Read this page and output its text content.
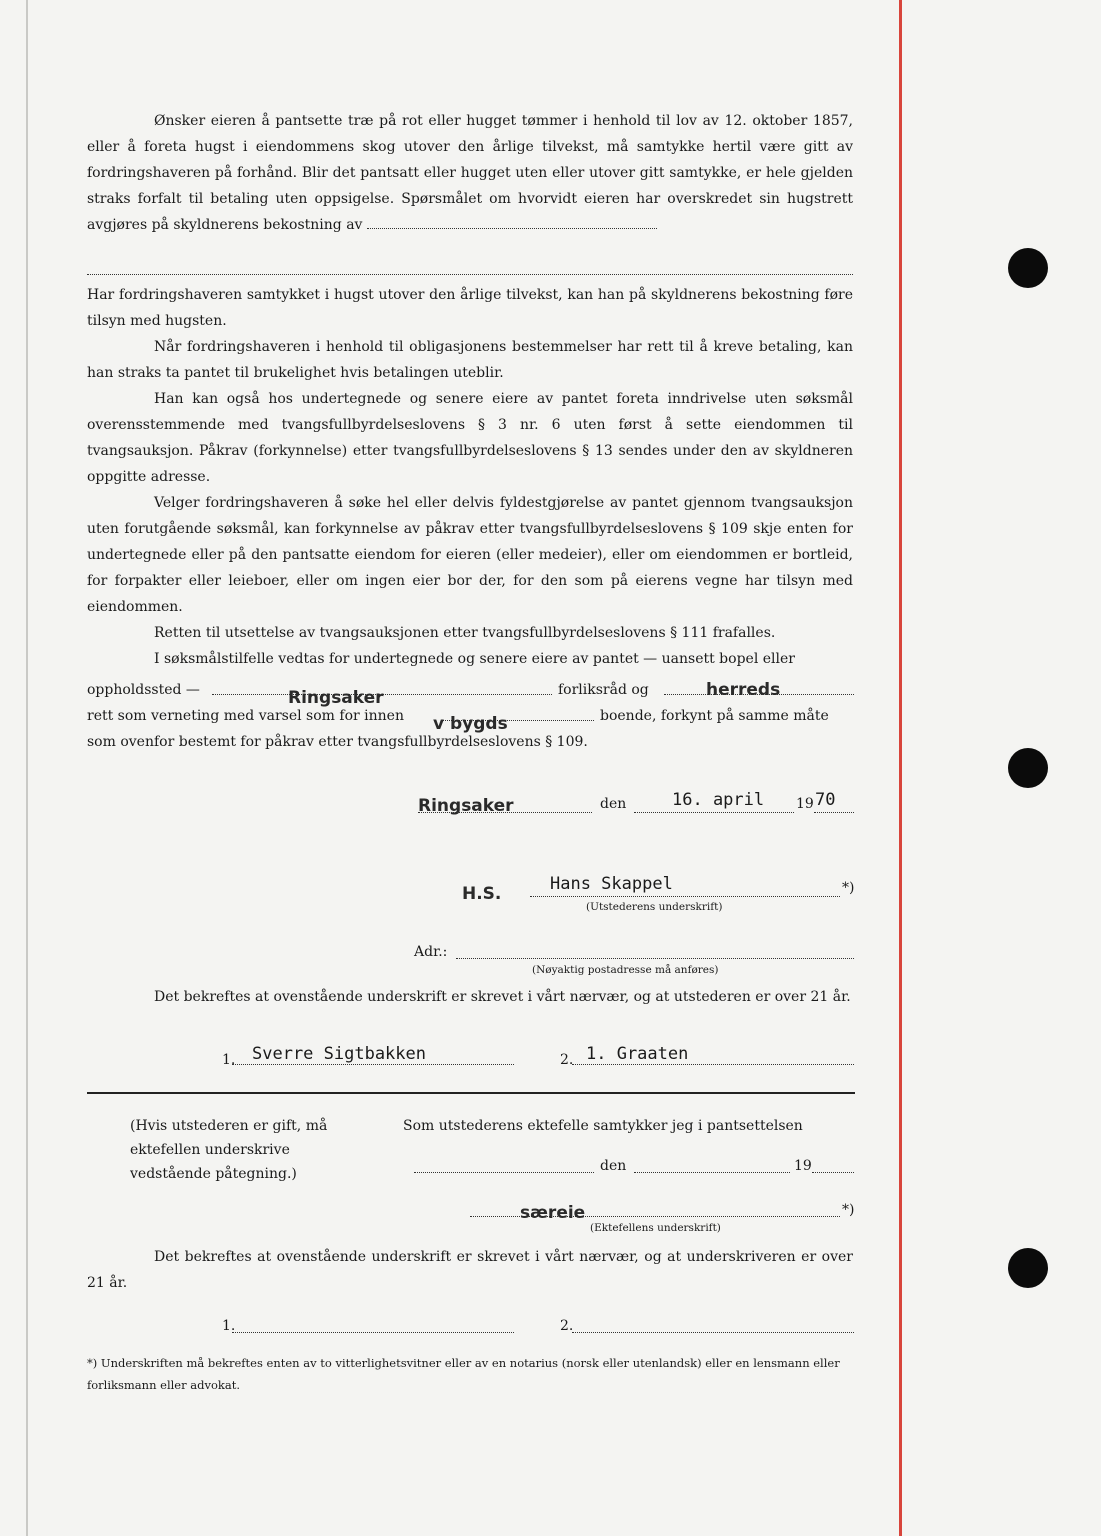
Ønsker eieren å pantsette træ på rot eller hugget tømmer i henhold til lov av 12. oktober 1857, eller å foreta hugst i eiendommens skog utover den årlige tilvekst, må samtykke hertil være gitt av fordringshaveren på forhånd. Blir det pantsatt eller hugget uten eller utover gitt samtykke, er hele gjelden straks forfalt til betaling uten oppsigelse. Spørsmålet om hvorvidt eieren har overskredet sin hugstrett avgjøres på skyldnerens bekostning av
Har fordringshaveren samtykket i hugst utover den årlige tilvekst, kan han på skyldnerens bekostning føre tilsyn med hugsten.
Når fordringshaveren i henhold til obligasjonens bestemmelser har rett til å kreve betaling, kan han straks ta pantet til brukelighet hvis betalingen uteblir.
Han kan også hos undertegnede og senere eiere av pantet foreta inndrivelse uten søksmål overensstemmende med tvangsfullbyrdelseslovens § 3 nr. 6 uten først å sette eiendommen til tvangsauksjon. Påkrav (forkynnelse) etter tvangsfullbyrdelseslovens § 13 sendes under den av skyldneren oppgitte adresse.
Velger fordringshaveren å søke hel eller delvis fyldestgjørelse av pantet gjennom tvangsauksjon uten forutgående søksmål, kan forkynnelse av påkrav etter tvangsfullbyrdelseslovens § 109 skje enten for undertegnede eller på den pantsatte eiendom for eieren (eller medeier), eller om eiendommen er bortleid, for forpakter eller leieboer, eller om ingen eier bor der, for den som på eierens vegne har tilsyn med eiendommen.
Retten til utsettelse av tvangsauksjonen etter tvangsfullbyrdelseslovens § 111 frafalles.
I søksmålstilfelle vedtas for undertegnede og senere eiere av pantet — uansett bopel eller
oppholdssted —	Ringsaker	forliksråd og	herreds
rett som verneting med varsel som for innen v bygds	boende, forkynt på samme måte
som ovenfor bestemt for påkrav etter tvangsfullbyrdelseslovens § 109.
Ringsaker	den	16. april 19 70
H.S.	Hans Skappel	*)
(Utstederens underskrift)
Adr.:
(Nøyaktig postadresse må anføres)
Det bekreftes at ovenstående underskrift er skrevet i vårt nærvær, og at utstederen er over 21 år.
1. Sverre Sigtbakken	2. 1. Graaten
(Hvis utstederen er gift, må ektefellen underskrive vedstående påtegning.)
Som utstederens ektefelle samtykker jeg i pantsettelsen
den	19
særeie	*)
(Ektefellens underskrift)
Det bekreftes at ovenstående underskrift er skrevet i vårt nærvær, og at underskriveren er over 21 år.
1.	2.
*) Underskriften må bekreftes enten av to vitterlighetsvitner eller av en notarius (norsk eller utenlandsk) eller en lensmann eller forliksmann eller advokat.
